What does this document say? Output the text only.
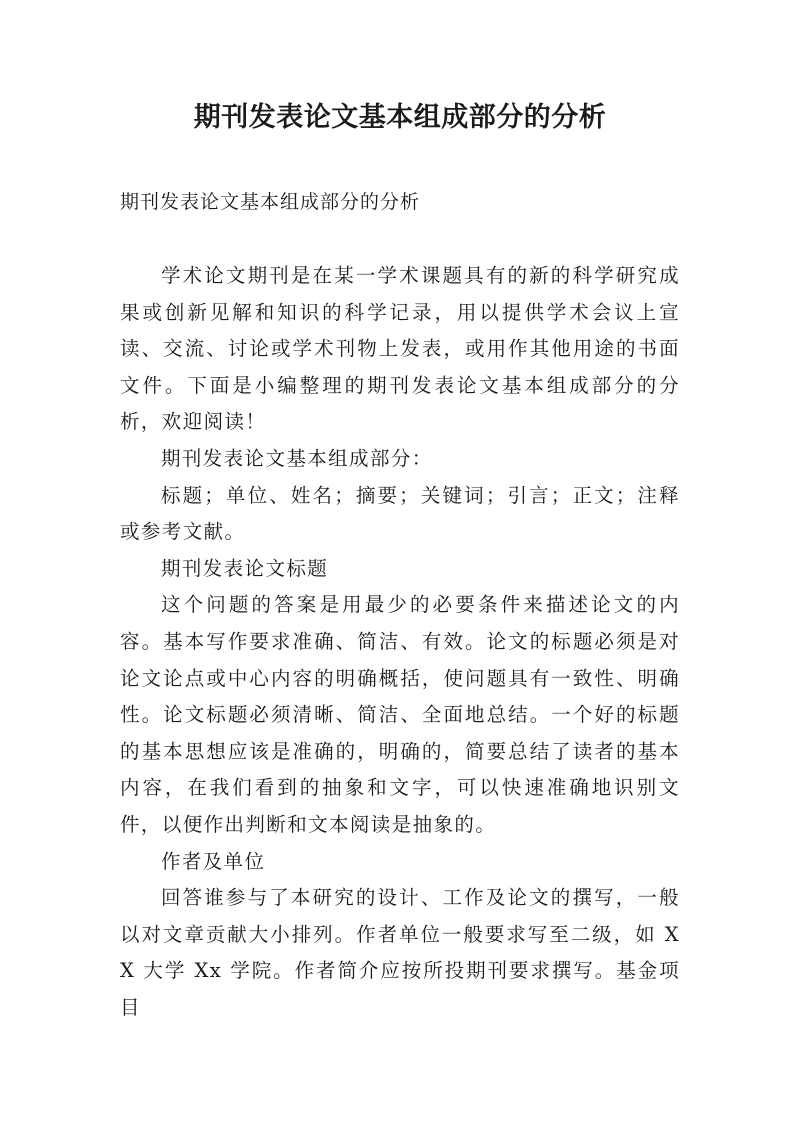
期刊发表论文基本组成部分的分析
期刊发表论文基本组成部分的分析

学术论文期刊是在某一学术课题具有的新的科学研究成果或创新见解和知识的科学记录，用以提供学术会议上宣读、交流、讨论或学术刊物上发表，或用作其他用途的书面文件。下面是小编整理的期刊发表论文基本组成部分的分析，欢迎阅读！

期刊发表论文基本组成部分：

标题；单位、姓名；摘要；关键词；引言；正文；注释或参考文献。

期刊发表论文标题

这个问题的答案是用最少的必要条件来描述论文的内容。基本写作要求准确、简洁、有效。论文的标题必须是对论文论点或中心内容的明确概括，使问题具有一致性、明确性。论文标题必须清晰、简洁、全面地总结。一个好的标题的基本思想应该是准确的，明确的，简要总结了读者的基本内容，在我们看到的抽象和文字，可以快速准确地识别文件，以便作出判断和文本阅读是抽象的。

作者及单位

回答谁参与了本研究的设计、工作及论文的撰写，一般以对文章贡献大小排列。作者单位一般要求写至二级，如 XX 大学 Xx 学院。作者简介应按所投期刊要求撰写。基金项目
